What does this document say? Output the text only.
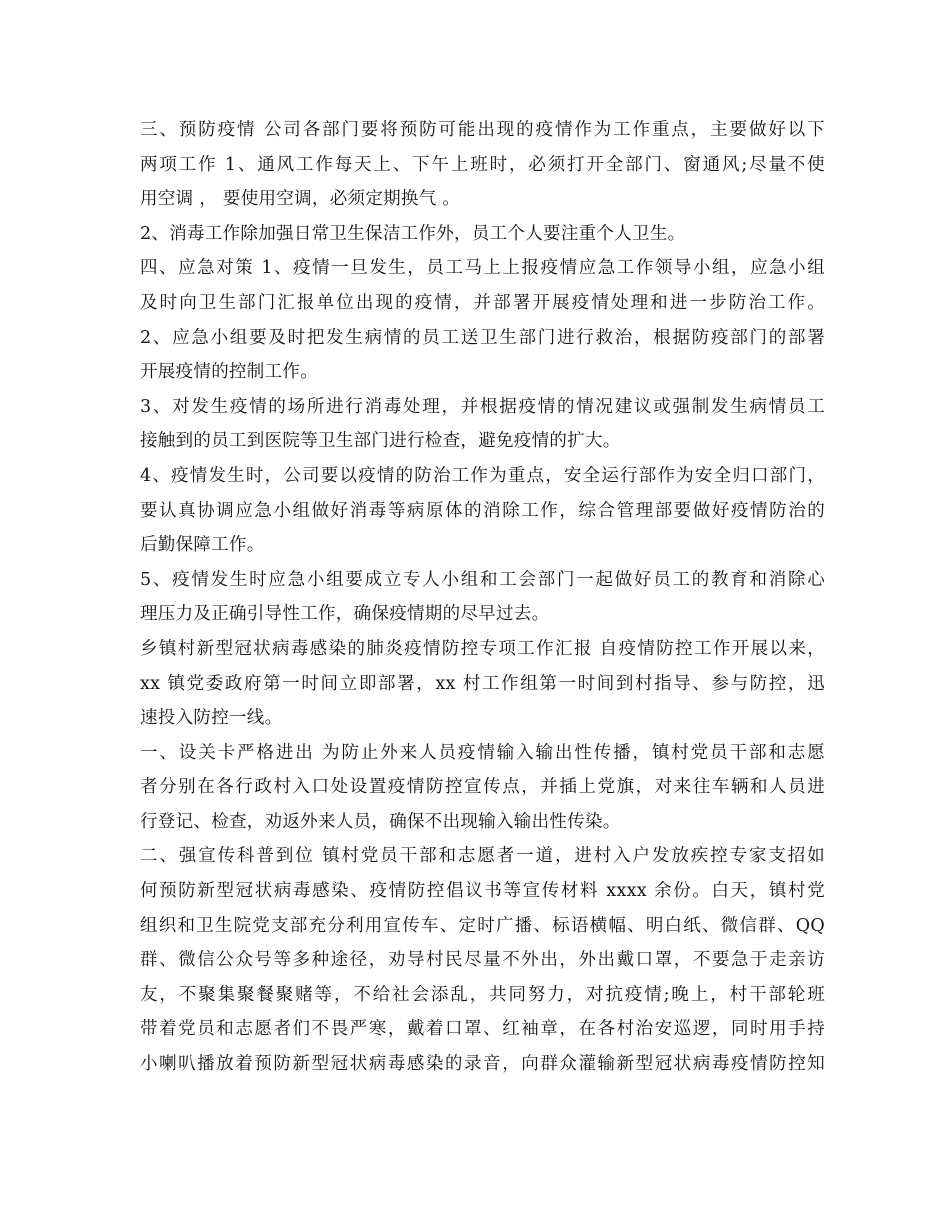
三、预防疫情 公司各部门要将预防可能出现的疫情作为工作重点，主要做好以下
两项工作 1、通风工作每天上、下午上班时，必须打开全部门、窗通风;尽量不使
用空调 ， 要使用空调，必须定期换气 。
2、消毒工作除加强日常卫生保洁工作外，员工个人要注重个人卫生。
四、应急对策 1、疫情一旦发生，员工马上上报疫情应急工作领导小组，应急小组
及时向卫生部门汇报单位出现的疫情，并部署开展疫情处理和进一步防治工作。
2、应急小组要及时把发生病情的员工送卫生部门进行救治，根据防疫部门的部署
开展疫情的控制工作。
3、对发生疫情的场所进行消毒处理，并根据疫情的情况建议或强制发生病情员工
接触到的员工到医院等卫生部门进行检查，避免疫情的扩大。
4、疫情发生时，公司要以疫情的防治工作为重点，安全运行部作为安全归口部门，
要认真协调应急小组做好消毒等病原体的消除工作，综合管理部要做好疫情防治的
后勤保障工作。
5、疫情发生时应急小组要成立专人小组和工会部门一起做好员工的教育和消除心
理压力及正确引导性工作，确保疫情期的尽早过去。
乡镇村新型冠状病毒感染的肺炎疫情防控专项工作汇报 自疫情防控工作开展以来，
xx 镇党委政府第一时间立即部署，xx 村工作组第一时间到村指导、参与防控，迅
速投入防控一线。
一、设关卡严格进出 为防止外来人员疫情输入输出性传播，镇村党员干部和志愿
者分别在各行政村入口处设置疫情防控宣传点，并插上党旗，对来往车辆和人员进
行登记、检查，劝返外来人员，确保不出现输入输出性传染。
二、强宣传科普到位 镇村党员干部和志愿者一道，进村入户发放疾控专家支招如
何预防新型冠状病毒感染、疫情防控倡议书等宣传材料 xxxx 余份。白天，镇村党
组织和卫生院党支部充分利用宣传车、定时广播、标语横幅、明白纸、微信群、QQ
群、微信公众号等多种途径，劝导村民尽量不外出，外出戴口罩，不要急于走亲访
友，不聚集聚餐聚赌等，不给社会添乱，共同努力，对抗疫情;晚上，村干部轮班
带着党员和志愿者们不畏严寒，戴着口罩、红袖章，在各村治安巡逻，同时用手持
小喇叭播放着预防新型冠状病毒感染的录音，向群众灌输新型冠状病毒疫情防控知
